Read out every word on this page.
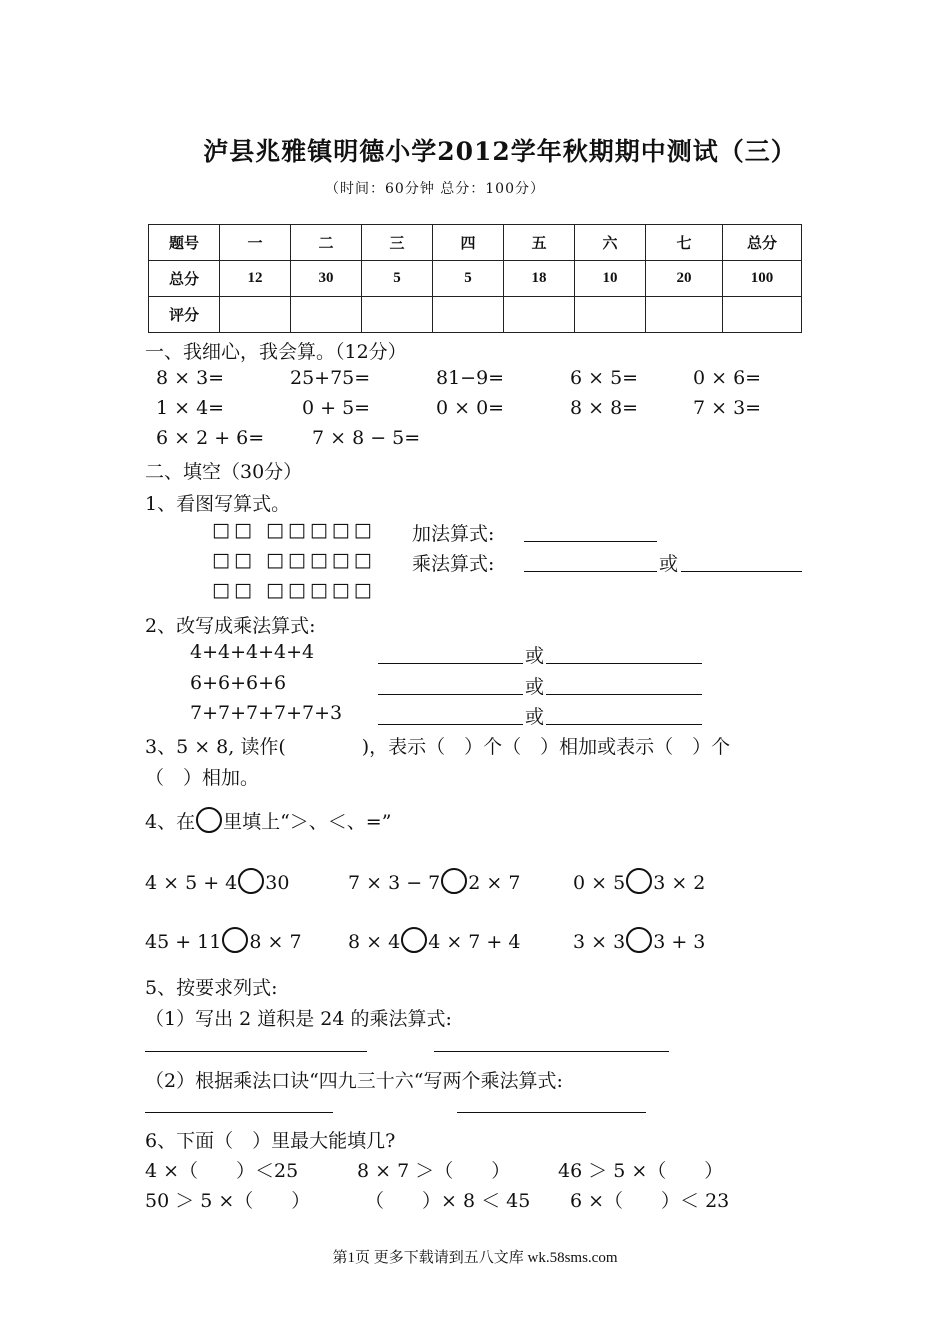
泸县兆雅镇明德小学2012学年秋期期中测试（三）
（时间：60分钟 总分：100分）
题号	一	二	三	四	五	六	七	总分
总分	12	30	5	5	18	10	20	100
评分								
一、我细心，我会算。（12分）
8 × 3=	25+75=	81−9=	6 × 5=	0 × 6=
1 × 4=	0 + 5=	0 × 0=	8 × 8=	7 × 3=
6 × 2 + 6=	7 × 8 − 5=
二、填空（30分）
1、看图写算式。
□□ □□□□□ 加法算式:
□□ □□□□□ 乘法算式:	或
□□ □□□□□
2、改写成乘法算式:
4+4+4+4+4	或
6+6+6+6	或
7+7+7+7+7+3	或
3、5 × 8, 读作(　　　　)，表示（　）个（　）相加或表示（　）个
（　）相加。
4、在 里填上“＞、＜、=”
4 × 5 + 4 30	7 × 3 − 7 2 × 7	0 × 5 3 × 2
45 + 11 8 × 7 8 × 4 4 × 7 + 4	3 × 3 3 + 3
5、按要求列式:
（1）写出 2 道积是 24 的乘法算式:
（2）根据乘法口诀“四九三十六“写两个乘法算式:
6、下面（　）里最大能填几?
4 ×（　　）＜25	8 × 7 ＞（　　）	46 ＞ 5 ×（　　）
50 ＞ 5 ×（　　）	（　　）× 8 ＜ 45 6 ×（　　）＜ 23
第1页 更多下载请到五八文库 wk.58sms.com
